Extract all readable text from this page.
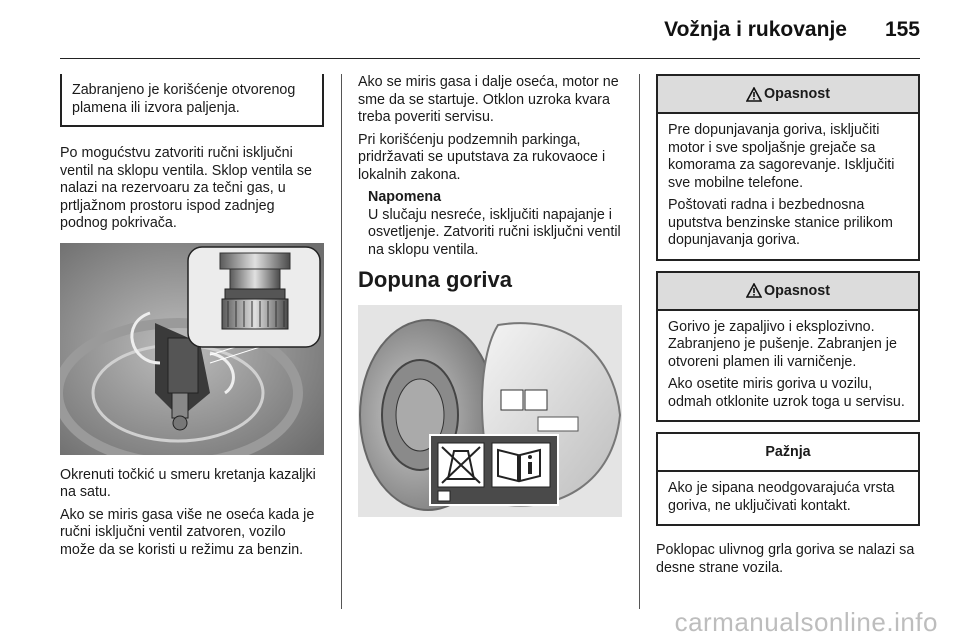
Vožnja i rukovanje 155
Zabranjeno je korišćenje otvorenog plamena ili izvora paljenja.

Po mogućstvu zatvoriti ručni isključni ventil na sklopu ventila. Sklop ventila se nalazi na rezervoaru za tečni gas, u prtljažnom prostoru ispod zadnjeg podnog pokrivača.

Okrenuti točkić u smeru kretanja kazaljki na satu.

Ako se miris gasa više ne oseća kada je ručni isključni ventil zatvoren, vozilo može da se koristi u režimu za benzin.

Ako se miris gasa i dalje oseća, motor ne sme da se startuje. Otklon uzroka kvara treba poveriti servisu.

Pri korišćenju podzemnih parkinga, pridržavati se uputstava za rukovaoce i lokalnih zakona.

Napomena

U slučaju nesreće, isključiti napajanje i osvetljenje. Zatvoriti ručni isključni ventil na sklopu ventila.

Dopuna goriva
Opasnost

Pre dopunjavanja goriva, isključiti motor i sve spoljašnje grejače sa komorama za sagorevanje. Isključiti sve mobilne telefone.

Poštovati radna i bezbednosna uputstva benzinske stanice prilikom dopunjavanja goriva.

Opasnost

Gorivo je zapaljivo i eksplozivno. Zabranjeno je pušenje. Zabranjen je otvoreni plamen ili varničenje.

Ako osetite miris goriva u vozilu, odmah otklonite uzrok toga u servisu.

Pažnja

Ako je sipana neodgovarajuća vrsta goriva, ne uključivati kontakt.

Poklopac ulivnog grla goriva se nalazi sa desne strane vozila.

carmanualsonline.info
